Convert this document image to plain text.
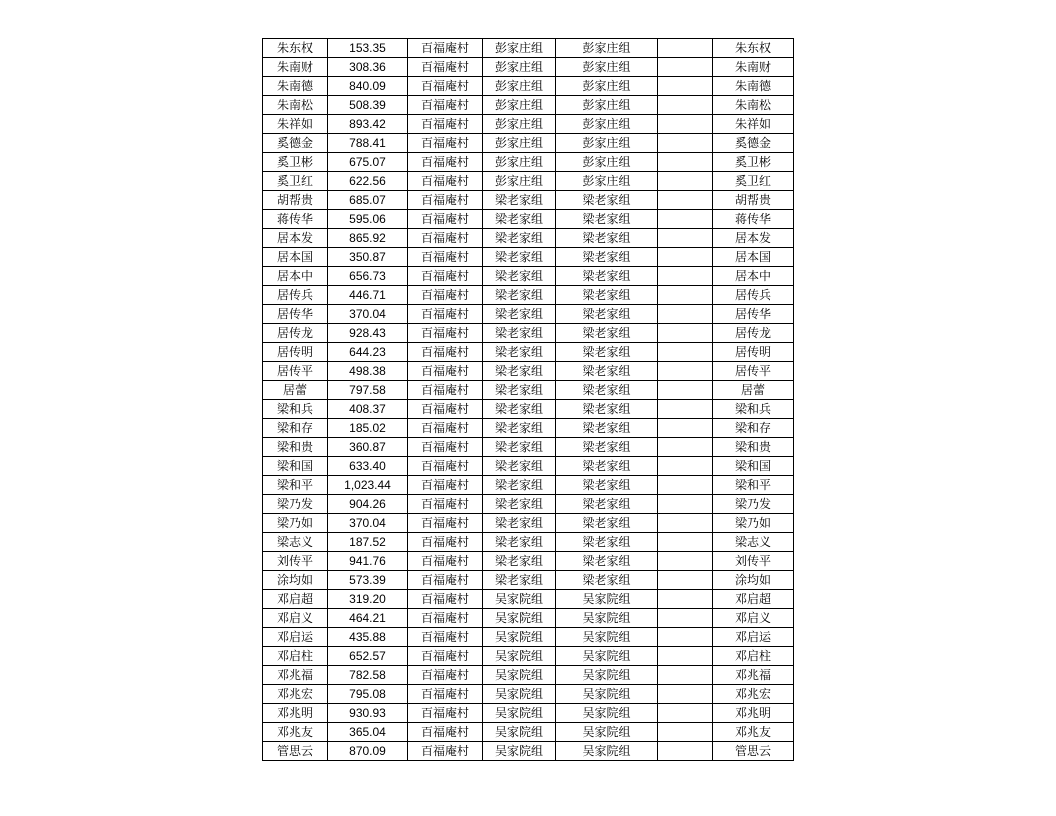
朱东权	153.35	百福庵村	彭家庄组	彭家庄组		朱东权
朱南财	308.36	百福庵村	彭家庄组	彭家庄组		朱南财
朱南德	840.09	百福庵村	彭家庄组	彭家庄组		朱南德
朱南松	508.39	百福庵村	彭家庄组	彭家庄组		朱南松
朱祥如	893.42	百福庵村	彭家庄组	彭家庄组		朱祥如
奚德金	788.41	百福庵村	彭家庄组	彭家庄组		奚德金
奚卫彬	675.07	百福庵村	彭家庄组	彭家庄组		奚卫彬
奚卫红	622.56	百福庵村	彭家庄组	彭家庄组		奚卫红
胡帮贵	685.07	百福庵村	梁老家组	梁老家组		胡帮贵
蒋传华	595.06	百福庵村	梁老家组	梁老家组		蒋传华
居本发	865.92	百福庵村	梁老家组	梁老家组		居本发
居本国	350.87	百福庵村	梁老家组	梁老家组		居本国
居本中	656.73	百福庵村	梁老家组	梁老家组		居本中
居传兵	446.71	百福庵村	梁老家组	梁老家组		居传兵
居传华	370.04	百福庵村	梁老家组	梁老家组		居传华
居传龙	928.43	百福庵村	梁老家组	梁老家组		居传龙
居传明	644.23	百福庵村	梁老家组	梁老家组		居传明
居传平	498.38	百福庵村	梁老家组	梁老家组		居传平
居蕾	797.58	百福庵村	梁老家组	梁老家组		居蕾
梁和兵	408.37	百福庵村	梁老家组	梁老家组		梁和兵
梁和存	185.02	百福庵村	梁老家组	梁老家组		梁和存
梁和贵	360.87	百福庵村	梁老家组	梁老家组		梁和贵
梁和国	633.40	百福庵村	梁老家组	梁老家组		梁和国
梁和平	1,023.44	百福庵村	梁老家组	梁老家组		梁和平
梁乃发	904.26	百福庵村	梁老家组	梁老家组		梁乃发
梁乃如	370.04	百福庵村	梁老家组	梁老家组		梁乃如
梁志义	187.52	百福庵村	梁老家组	梁老家组		梁志义
刘传平	941.76	百福庵村	梁老家组	梁老家组		刘传平
涂均如	573.39	百福庵村	梁老家组	梁老家组		涂均如
邓启超	319.20	百福庵村	吴家院组	吴家院组		邓启超
邓启义	464.21	百福庵村	吴家院组	吴家院组		邓启义
邓启运	435.88	百福庵村	吴家院组	吴家院组		邓启运
邓启柱	652.57	百福庵村	吴家院组	吴家院组		邓启柱
邓兆福	782.58	百福庵村	吴家院组	吴家院组		邓兆福
邓兆宏	795.08	百福庵村	吴家院组	吴家院组		邓兆宏
邓兆明	930.93	百福庵村	吴家院组	吴家院组		邓兆明
邓兆友	365.04	百福庵村	吴家院组	吴家院组		邓兆友
管思云	870.09	百福庵村	吴家院组	吴家院组		管思云
